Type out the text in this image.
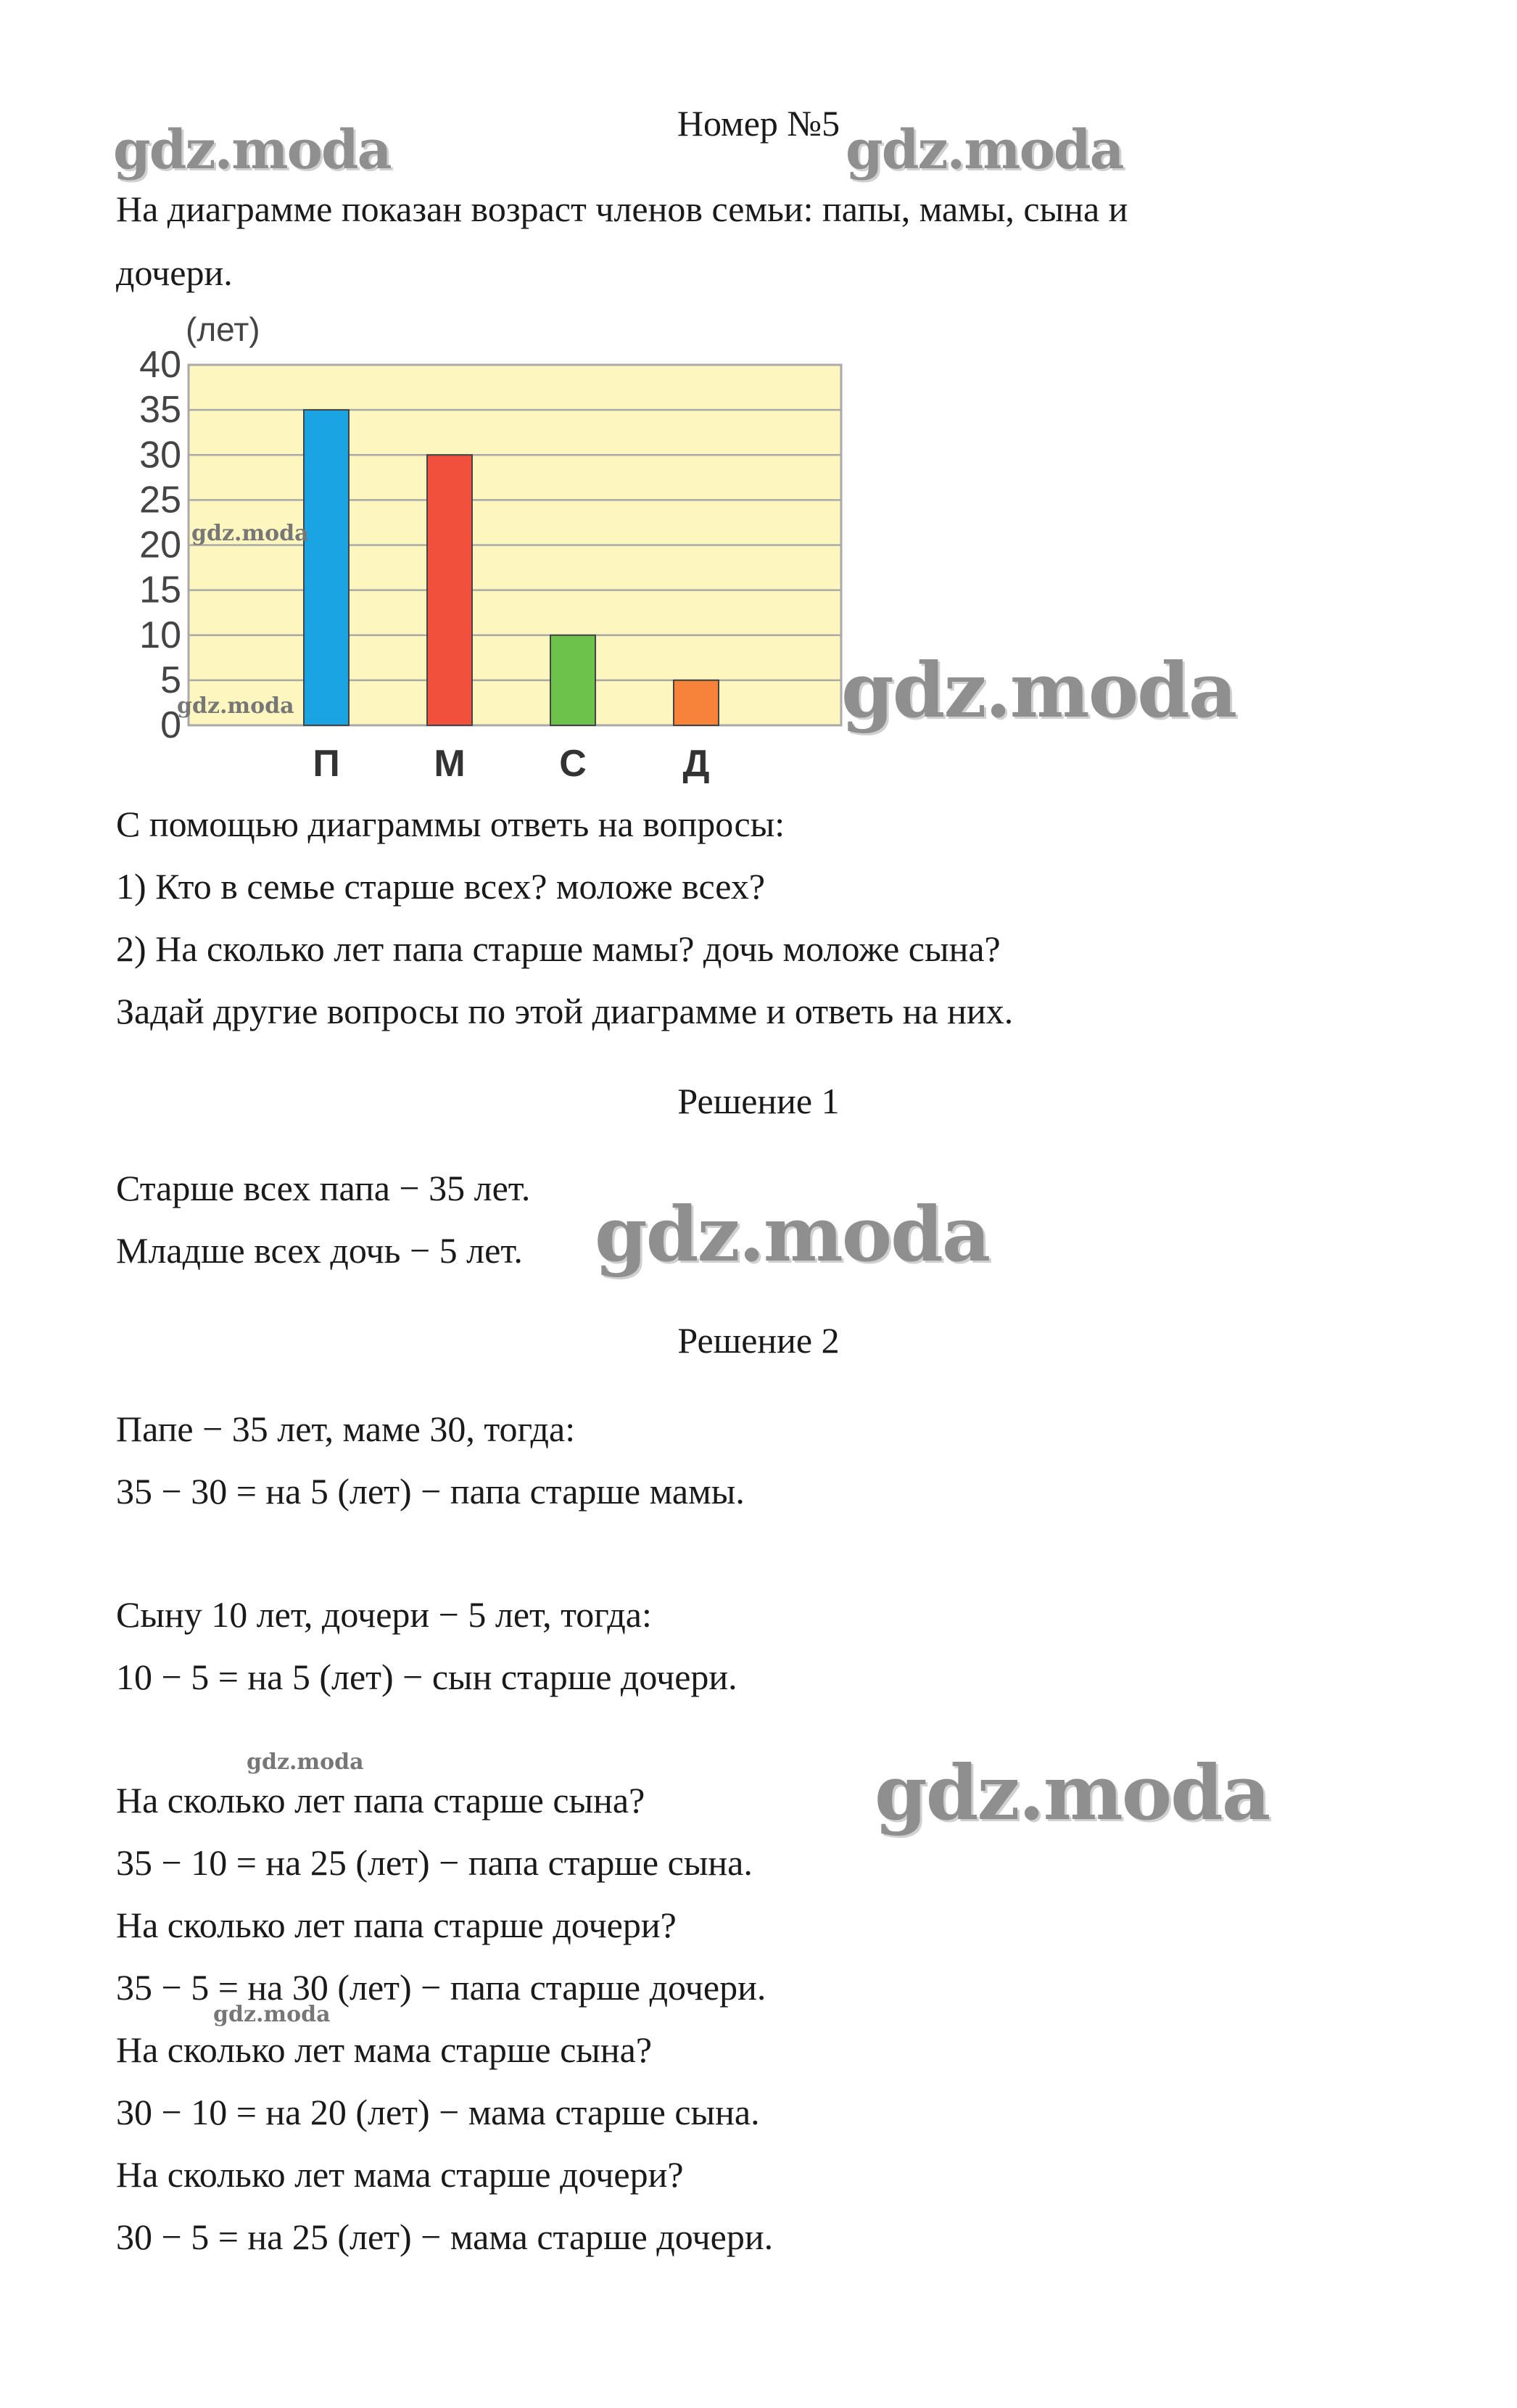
Номер №5

На диаграмме показан возраст членов семьи: папы, мамы, сына и

дочери.

0
5
10
15
20
25
30
35
40
П М С	Д
(лет)

С помощью диаграммы ответь на вопросы:

1) Кто в семье старше всех? моложе всех?

2) На сколько лет папа старше мамы? дочь моложе сына?

Задай другие вопросы по этой диаграмме и ответь на них.

Решение 1

Старше всех папа − 35 лет.

Младше всех дочь − 5 лет.

Решение 2

Папе − 35 лет, маме 30, тогда:

35 − 30 = на 5 (лет) − папа старше мамы.

Сыну 10 лет, дочери − 5 лет, тогда:

10 − 5 = на 5 (лет) − сын старше дочери.

На сколько лет папа старше сына?

35 − 10 = на 25 (лет) − папа старше сына.

На сколько лет папа старше дочери?

35 − 5 = на 30 (лет) − папа старше дочери.

На сколько лет мама старше сына?

30 − 10 = на 20 (лет) − мама старше сына.

На сколько лет мама старше дочери?

30 − 5 = на 25 (лет) − мама старше дочери.

gdz.moda	gdz.moda
gdz.moda
gdz.moda	gdz.moda
gdz.moda
gdz.moda	gdz.moda
gdz.moda
